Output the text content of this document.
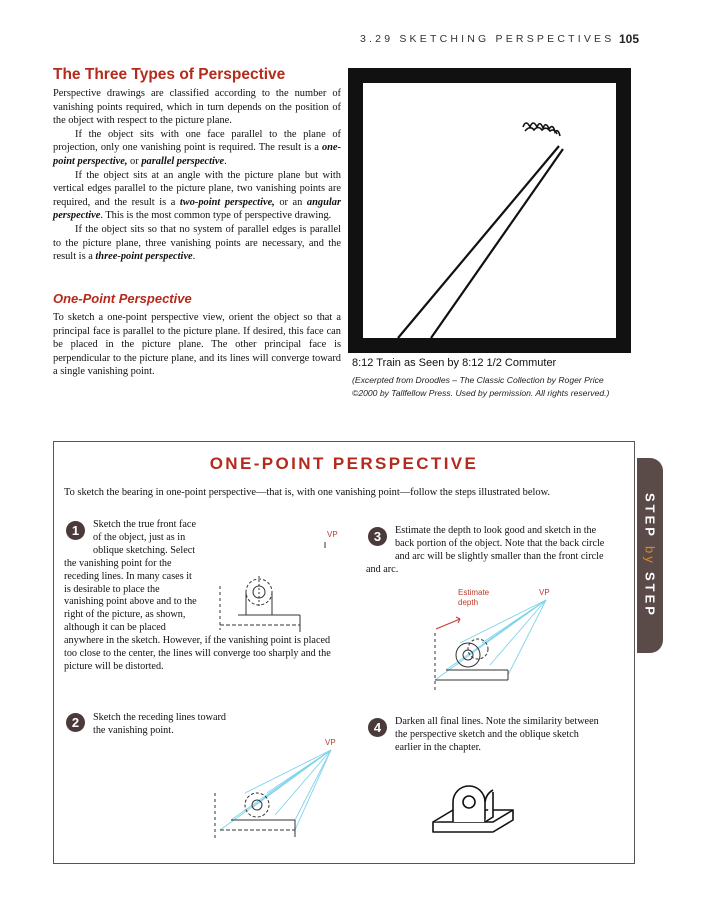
3.29 SKETCHING PERSPECTIVES 105
The Three Types of Perspective

Perspective drawings are classified according to the number of vanishing points required, which in turn depends on the position of the object with respect to the picture plane.

If the object sits with one face parallel to the plane of projection, only one vanishing point is required. The result is a one-point perspective, or parallel perspective.

If the object sits at an angle with the picture plane but with vertical edges parallel to the picture plane, two vanishing points are required, and the result is a two-point perspective, or an angular perspective. This is the most common type of perspective drawing.

If the object sits so that no system of parallel edges is parallel to the picture plane, three vanishing points are necessary, and the result is a three-point perspective.

One-Point Perspective

To sketch a one-point perspective view, orient the object so that a principal face is parallel to the picture plane. If desired, this face can be placed in the picture plane. The other principal face is perpendicular to the picture plane, and its lines will converge toward a single vanishing point.

8:12 Train as Seen by 8:12 1/2 Commuter
(Excerpted from Droodles – The Classic Collection by Roger Price
©2000 by Tallfellow Press. Used by permission. All rights reserved.)
ONE-POINT PERSPECTIVE
To sketch the bearing in one-point perspective—that is, with one vanishing point—follow the steps illustrated below.
STEP

by

STEP
1	Sketch the true front face of the object, just as in oblique sketching. Select the vanishing point for the receding lines. In many cases it is desirable to place the vanishing point above and to the right of the picture, as shown, although it can be placed anywhere in the sketch. However, if the vanishing point is placed too close to the center, the lines will converge too sharply and the picture will be distorted.

VP
2	Sketch the receding lines toward the vanishing point.
VP
3	Estimate the depth to look good and sketch in the back portion of the object. Note that the back circle and arc will be slightly smaller than the front circle and arc.

VP
Estimate
depth
4	Darken all final lines. Note the similarity between the perspective sketch and the oblique sketch earlier in the chapter.
